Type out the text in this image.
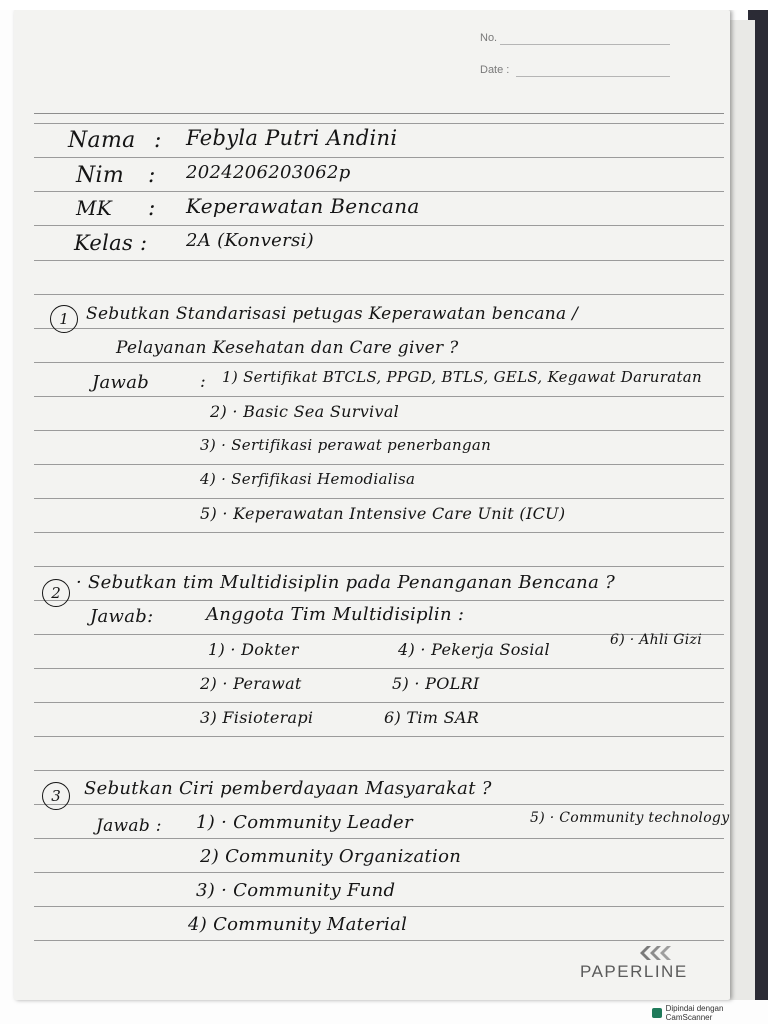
No.
Date :
Nama : Febyla Putri Andini
Nim : 2024206203062p
MK : Keperawatan Bencana
Kelas : 2A (Konversi)
1	Sebutkan Standarisasi petugas Keperawatan bencana /
Pelayanan Kesehatan dan Care giver ?
Jawab	: 1) Sertifikat BTCLS, PPGD, BTLS, GELS, Kegawat Daruratan
2) · Basic Sea Survival
3) · Sertifikasi perawat penerbangan
4) · Serfifikasi Hemodialisa
5) · Keperawatan Intensive Care Unit (ICU)
2 · Sebutkan tim Multidisiplin pada Penanganan Bencana ?
Jawab:	Anggota Tim Multidisiplin :
1) · Dokter
2) · Perawat
3) Fisioterapi
4) · Pekerja Sosial
5) · POLRI
6) Tim SAR
6) · Ahli Gizi
3	Sebutkan Ciri pemberdayaan Masyarakat ?
Jawab : 1) · Community Leader
2) Community Organization
3) · Community Fund
4) Community Material
5) · Community technology
PAPERLINE
Dipindai dengan CamScanner
